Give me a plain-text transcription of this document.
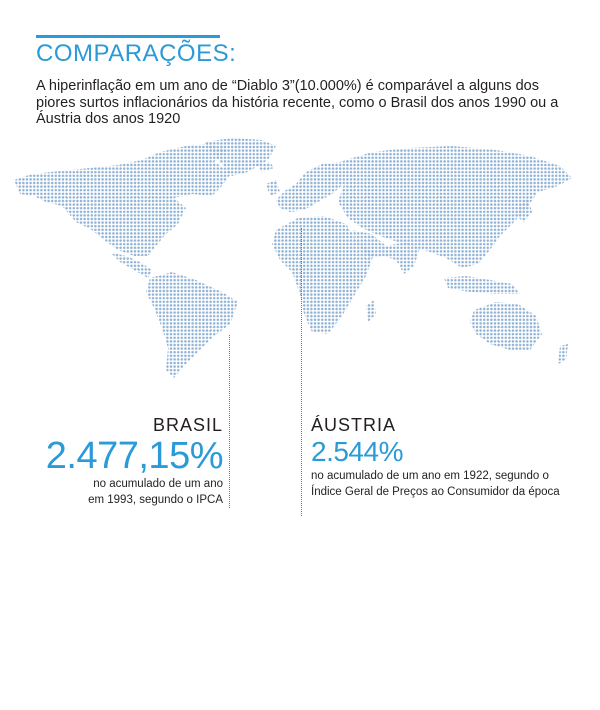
COMPARAÇÕES:

A hiperinflação em um ano de “Diablo 3”(10.000%) é comparável a alguns dos piores surtos inflacionários da história recente, como o Brasil dos anos 1990 ou a Áustria dos anos 1920

BRASIL
2.477,15%
no acumulado de um ano em 1993, segundo o IPCA
ÁUSTRIA
2.544%
no acumulado de um ano em 1922, segundo o Índice Geral de Preços ao Consumidor da época
